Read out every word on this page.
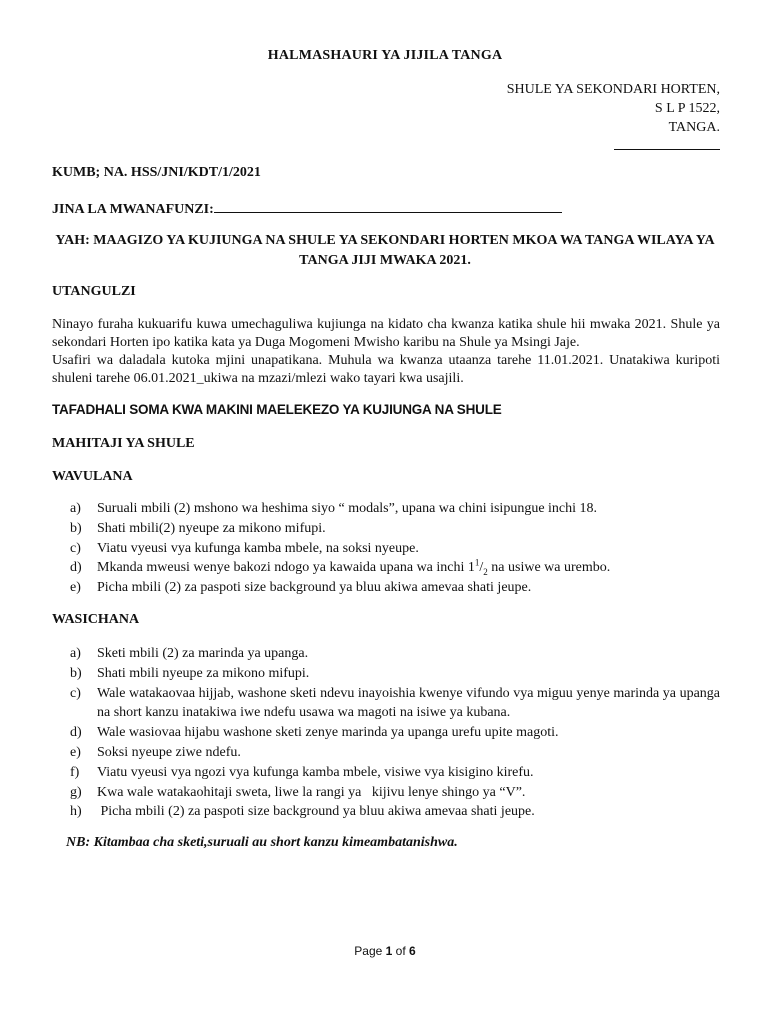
HALMASHAURI YA JIJILA TANGA
SHULE YA SEKONDARI HORTEN,
S L P 1522,
TANGA.
KUMB; NA. HSS/JNI/KDT/1/2021
JINA LA MWANAFUNZI:
YAH: MAAGIZO YA KUJIUNGA NA SHULE YA SEKONDARI HORTEN MKOA WA TANGA WILAYA YA TANGA JIJI MWAKA 2021.
UTANGULZI

Ninayo furaha kukuarifu kuwa umechaguliwa kujiunga na kidato cha kwanza katika shule hii mwaka 2021. Shule ya sekondari Horten ipo katika kata ya Duga Mogomeni Mwisho karibu na Shule ya Msingi Jaje.

Usafiri wa daladala kutoka mjini unapatikana. Muhula wa kwanza utaanza tarehe 11.01.2021. Unatakiwa kuripoti shuleni tarehe 06.01.2021_ukiwa na mzazi/mlezi wako tayari kwa usajili.

TAFADHALI SOMA KWA MAKINI MAELEKEZO YA KUJIUNGA NA SHULE
MAHITAJI YA SHULE
WAVULANA
a)	Suruali mbili (2) mshono wa heshima siyo “ modals”, upana wa chini isipungue inchi 18.
b)	Shati mbili(2) nyeupe za mikono mifupi.
c)	Viatu vyeusi vya kufunga kamba mbele, na soksi nyeupe.
d)	Mkanda mweusi wenye bakozi ndogo ya kawaida upana wa inchi $1^1/_2$ na usiwe wa urembo.
e)	Picha mbili (2) za paspoti size background ya bluu akiwa amevaa shati jeupe.
WASICHANA
a)	Sketi mbili (2) za marinda ya upanga.
b)	Shati mbili nyeupe za mikono mifupi.
c)	Wale watakaovaa hijjab, washone sketi ndevu inayoishia kwenye vifundo vya miguu yenye marinda ya upanga na short kanzu inatakiwa iwe ndefu usawa wa magoti na isiwe ya kubana.
d)	Wale wasiovaa hijabu washone sketi zenye marinda ya upanga urefu upite magoti.
e)	Soksi nyeupe ziwe ndefu.
f)	Viatu vyeusi vya ngozi vya kufunga kamba mbele, visiwe vya kisigino kirefu.
g)	Kwa wale watakaohitaji sweta, liwe la rangi ya   kijivu lenye shingo ya “V”.
h)	Picha mbili (2) za paspoti size background ya bluu akiwa amevaa shati jeupe.
NB: Kitambaa cha sketi,suruali au short kanzu kimeambatanishwa.
Page 1 of 6
